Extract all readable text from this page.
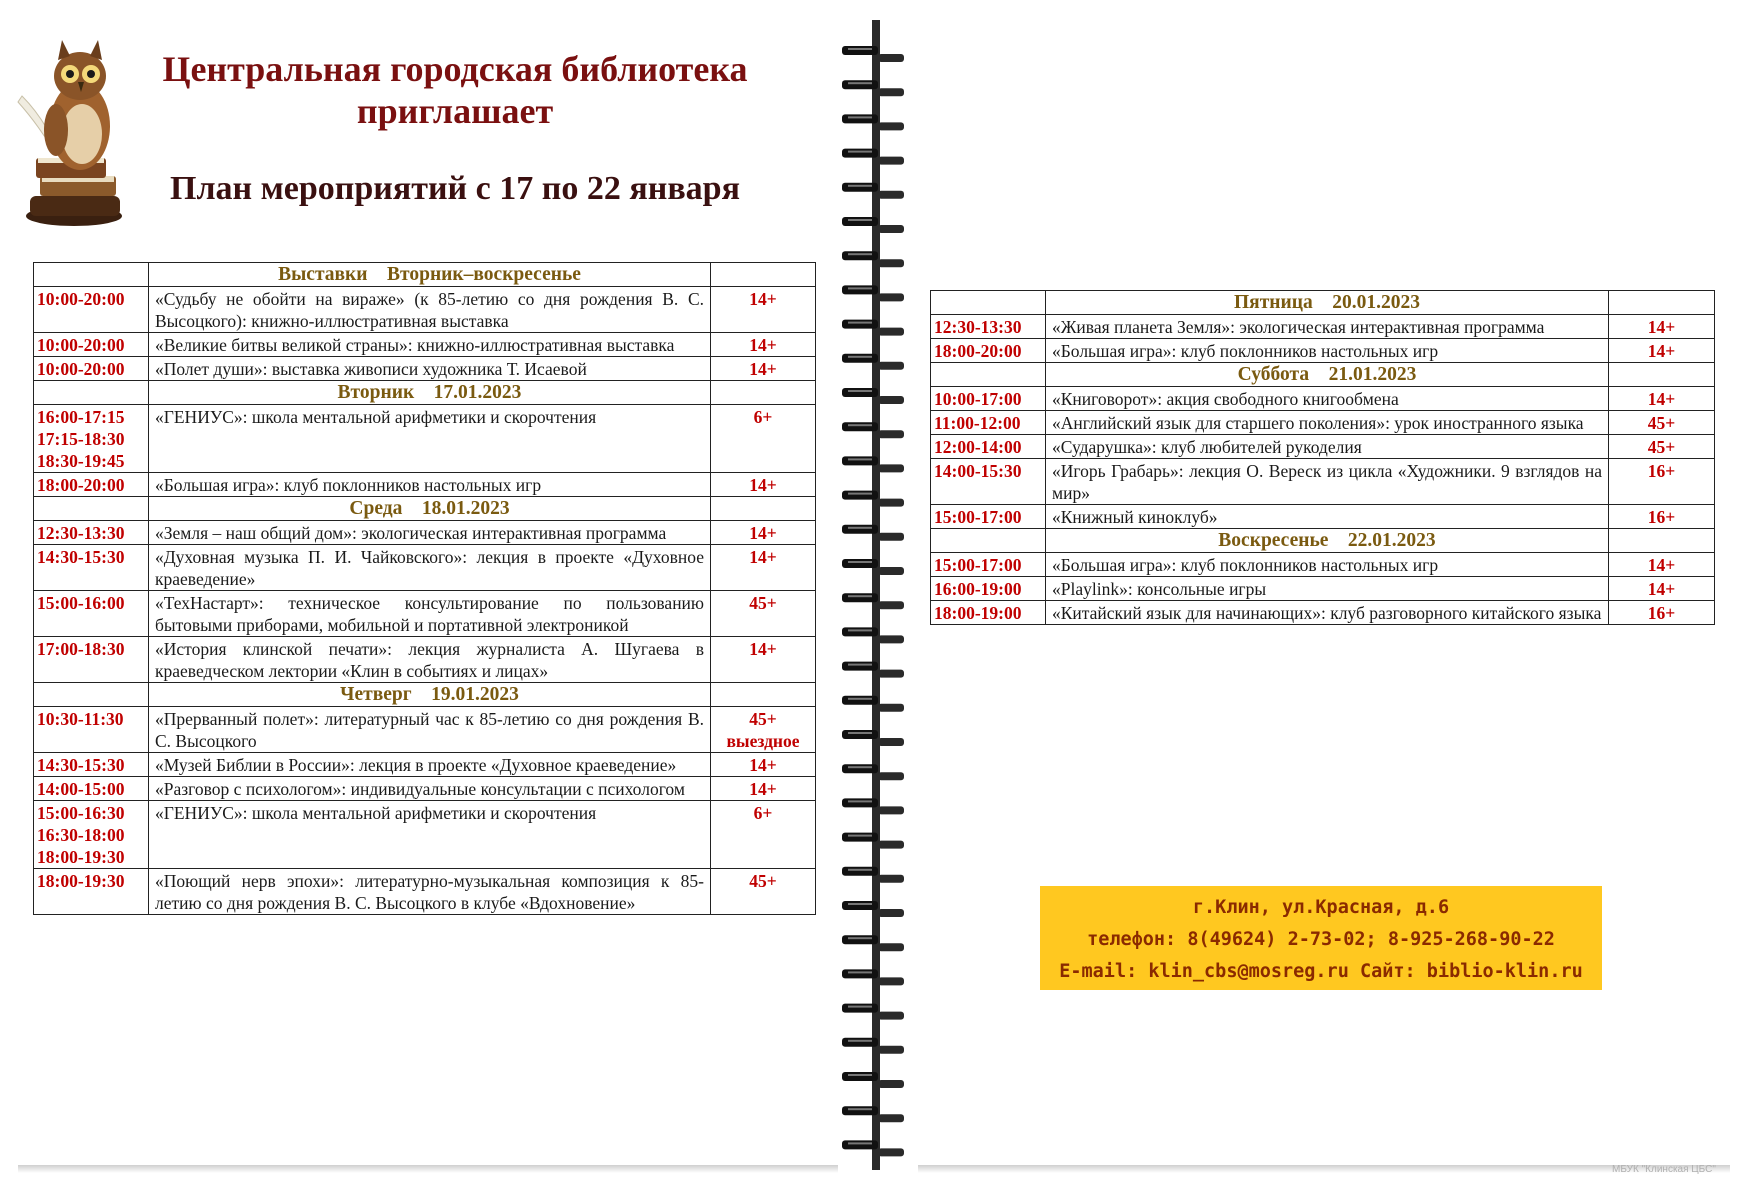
Центральная городская библиотека
приглашает
План мероприятий с 17 по 22 января
	Выставки    Вторник–воскресенье	
10:00-20:00	«Судьбу не обойти на вираже» (к 85-летию со дня рождения В. С. Высоцкого): книжно-иллюстративная выставка	14+
10:00-20:00	«Великие битвы великой страны»: книжно-иллюстративная выставка	14+
10:00-20:00	«Полет души»: выставка живописи художника Т. Исаевой	14+
	Вторник    17.01.2023	
16:00-17:15
17:15-18:30
18:30-19:45	«ГЕНИУС»: школа ментальной арифметики и скорочтения	6+
18:00-20:00	«Большая игра»: клуб поклонников настольных игр	14+
	Среда    18.01.2023	
12:30-13:30	«Земля – наш общий дом»: экологическая интерактивная программа	14+
14:30-15:30	«Духовная музыка П. И. Чайковского»: лекция в проекте «Духовное краеведение»	14+
15:00-16:00	«ТехНастарт»: техническое консультирование по пользованию бытовыми приборами, мобильной и портативной электроникой	45+
17:00-18:30	«История клинской печати»: лекция журналиста А. Шугаева в краеведческом лектории «Клин в событиях и лицах»	14+
	Четверг    19.01.2023	
10:30-11:30	«Прерванный полет»: литературный час к 85-летию со дня рождения В. С. Высоцкого	45+
выездное
14:30-15:30	«Музей Библии в России»: лекция в проекте «Духовное краеведение»	14+
14:00-15:00	«Разговор с психологом»: индивидуальные консультации с психологом	14+
15:00-16:30
16:30-18:00
18:00-19:30	«ГЕНИУС»: школа ментальной арифметики и скорочтения	6+
18:00-19:30	«Поющий нерв эпохи»: литературно-музыкальная композиция к 85-летию со дня рождения В. С. Высоцкого в клубе «Вдохновение»	45+
	Пятница    20.01.2023	
12:30-13:30	«Живая планета Земля»: экологическая интерактивная программа	14+
18:00-20:00	«Большая игра»: клуб поклонников настольных игр	14+
	Суббота    21.01.2023	
10:00-17:00	«Книговорот»: акция свободного книгообмена	14+
11:00-12:00	«Английский язык для старшего поколения»: урок иностранного языка	45+
12:00-14:00	«Сударушка»: клуб любителей рукоделия	45+
14:00-15:30	«Игорь Грабарь»: лекция О. Вереск из цикла «Художники. 9 взглядов на мир»	16+
15:00-17:00	«Книжный киноклуб»	16+
	Воскресенье    22.01.2023	
15:00-17:00	«Большая игра»: клуб поклонников настольных игр	14+
16:00-19:00	«Playlink»: консольные игры	14+
18:00-19:00	«Китайский язык для начинающих»: клуб разговорного китайского языка	16+
г.Клин, ул.Красная, д.6
телефон: 8(49624) 2-73-02; 8-925-268-90-22
E-mail: klin_cbs@mosreg.ru Сайт: biblio-klin.ru
МБУК "Клинская ЦБС"
